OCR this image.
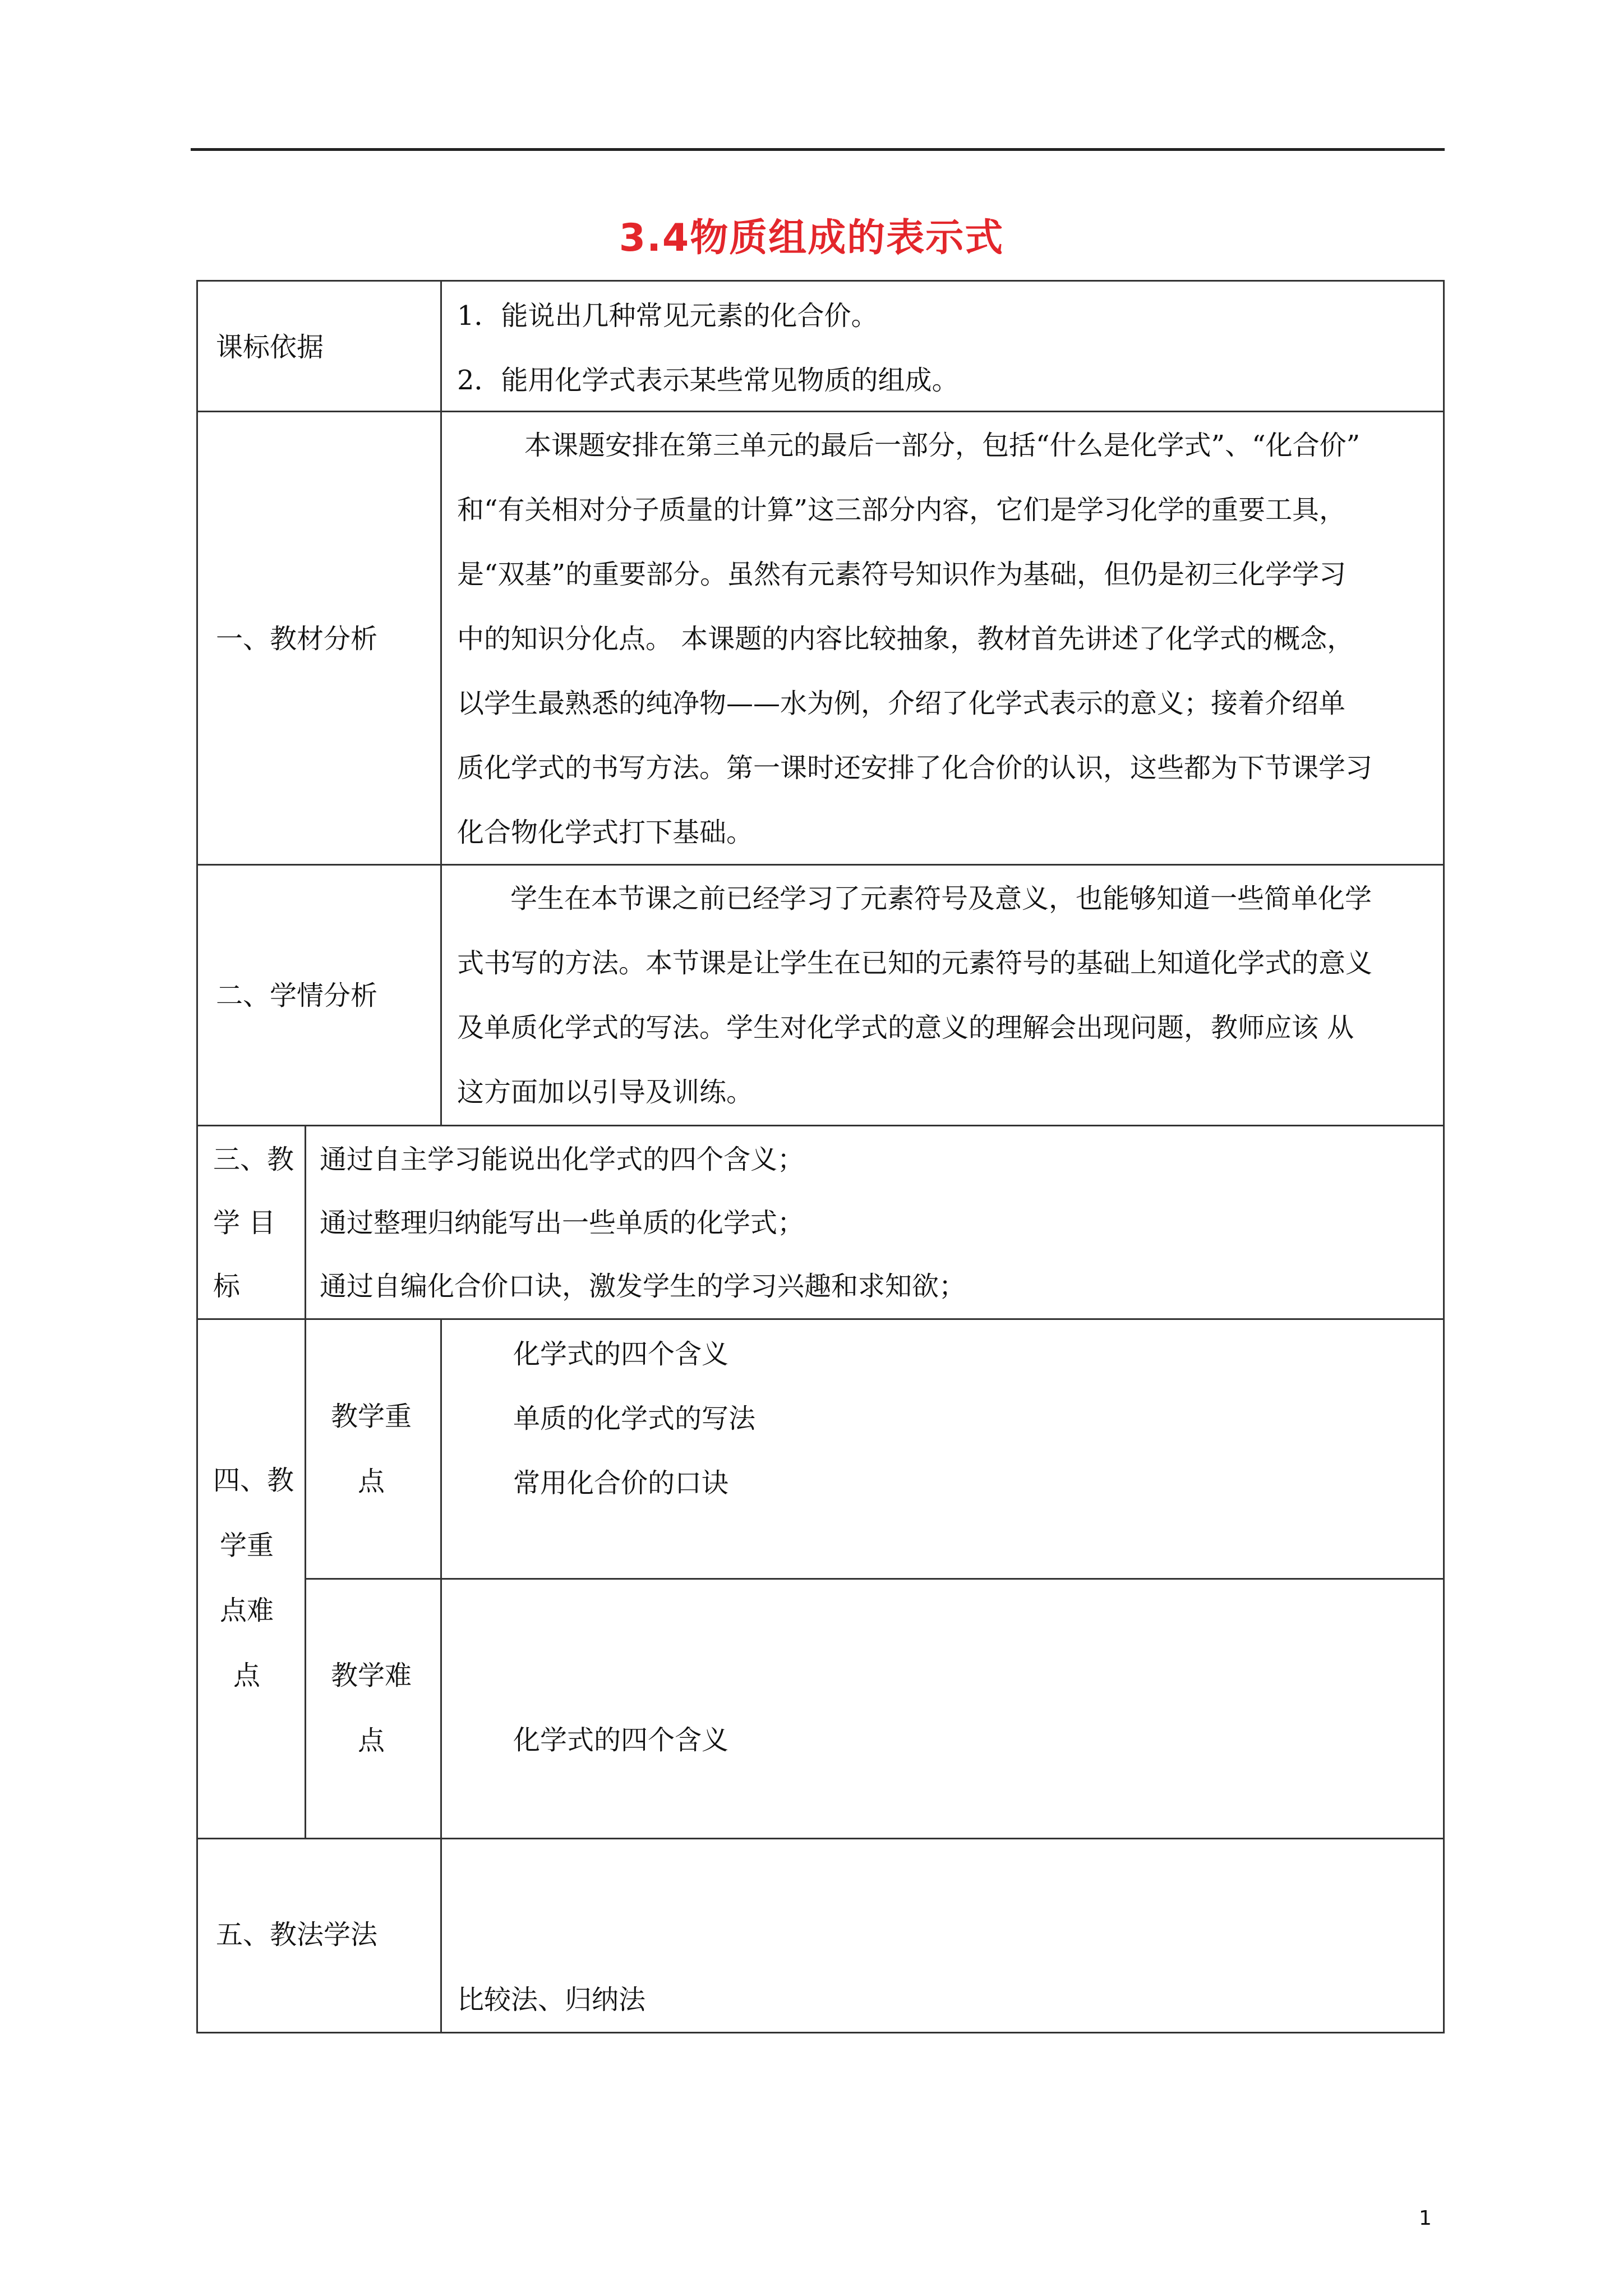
3.4物质组成的表示式
课标依据
1．能说出几种常见元素的化合价。
2．能用化学式表示某些常见物质的组成。
一、教材分析
本课题安排在第三单元的最后一部分，包括“什么是化学式”、“化合价”
和“有关相对分子质量的计算”这三部分内容，它们是学习化学的重要工具，
是“双基”的重要部分。虽然有元素符号知识作为基础，但仍是初三化学学习
中的知识分化点。 本课题的内容比较抽象，教材首先讲述了化学式的概念，
以学生最熟悉的纯净物——水为例，介绍了化学式表示的意义；接着介绍单
质化学式的书写方法。第一课时还安排了化合价的认识，这些都为下节课学习
化合物化学式打下基础。
二、学情分析
学生在本节课之前已经学习了元素符号及意义，也能够知道一些简单化学
式书写的方法。本节课是让学生在已知的元素符号的基础上知道化学式的意义
及单质化学式的写法。学生对化学式的意义的理解会出现问题，教师应该 从
这方面加以引导及训练。
三、教
学 目
标
通过自主学习能说出化学式的四个含义；
通过整理归纳能写出一些单质的化学式；
通过自编化合价口诀，激发学生的学习兴趣和求知欲；
四、教
学重
点难
点
教学重
点
化学式的四个含义
单质的化学式的写法
常用化合价的口诀
教学难
点	化学式的四个含义
五、教法学法
比较法、归纳法
1
